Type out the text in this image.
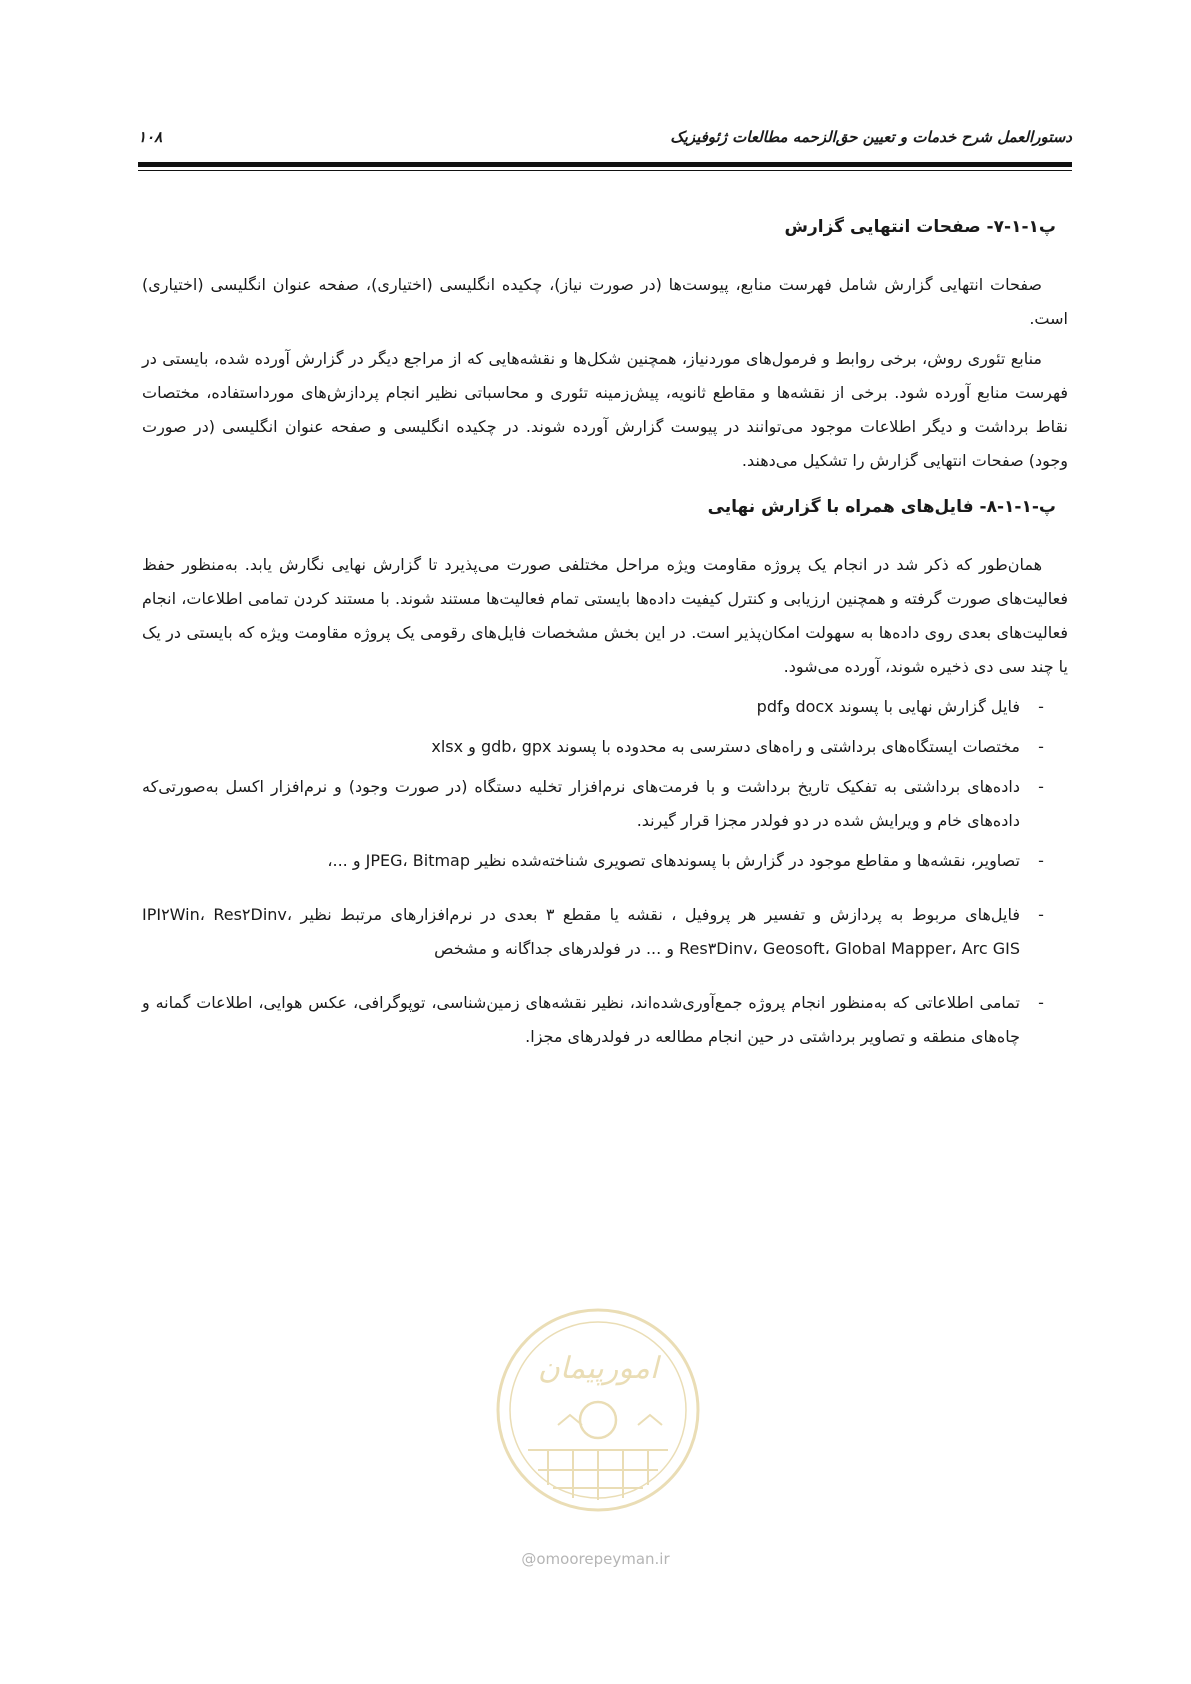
۱۰۸	دستورالعمل شرح خدمات و تعیین حق‌الزحمه مطالعات ژئوفیزیک
پ۱-۱-۷- صفحات انتهایی گزارش

صفحات انتهایی گزارش شامل فهرست منابع، پیوست‌ها (در صورت نیاز)، چکیده انگلیسی (اختیاری)، صفحه عنوان انگلیسی (اختیاری) است.

منابع تئوری روش، برخی روابط و فرمول‌های موردنیاز، همچنین شکل‌ها و نقشه‌هایی که از مراجع دیگر در گزارش آورده شده، بایستی در فهرست منابع آورده شود. برخی از نقشه‌ها و مقاطع ثانویه، پیش‌زمینه تئوری و محاسباتی نظیر انجام پردازش‌های مورداستفاده، مختصات نقاط برداشت و دیگر اطلاعات موجود می‌توانند در پیوست گزارش آورده شوند. در چکیده انگلیسی و صفحه عنوان انگلیسی (در صورت وجود) صفحات انتهایی گزارش را تشکیل می‌دهند.

پ-۱-۱-۸- فایل‌های همراه با گزارش نهایی

همان‌طور که ذکر شد در انجام یک پروژه مقاومت ویژه مراحل مختلفی صورت می‌پذیرد تا گزارش نهایی نگارش یابد. به‌منظور حفظ فعالیت‌های صورت گرفته و همچنین ارزیابی و کنترل کیفیت داده‌ها بایستی تمام فعالیت‌ها مستند شوند. با مستند کردن تمامی اطلاعات، انجام فعالیت‌های بعدی روی داده‌ها به سهولت امکان‌پذیر است. در این بخش مشخصات فایل‌های رقومی یک پروژه مقاومت ویژه که بایستی در یک یا چند سی دی ذخیره شوند، آورده می‌شود.

-
فایل گزارش نهایی با پسوند docx وpdf
-
مختصات ایستگاه‌های برداشتی و راه‌های دسترسی به محدوده با پسوند gdb، gpx و xlsx
-
داده‌های برداشتی به تفکیک تاریخ برداشت و با فرمت‌های نرم‌افزار تخلیه دستگاه (در صورت وجود) و نرم‌افزار اکسل به‌صورتی‌که داده‌های خام و ویرایش شده در دو فولدر مجزا قرار گیرند.
-
تصاویر، نقشه‌ها و مقاطع موجود در گزارش با پسوندهای تصویری شناخته‌شده نظیر JPEG، Bitmap و ...،
-
فایل‌های مربوط به پردازش و تفسیر هر پروفیل ، نقشه یا مقطع ۳ بعدی در نرم‌افزارهای مرتبط نظیر IPI۲Win، Res۲Dinv، Res۳Dinv، Geosoft، Global Mapper، Arc GIS و ... در فولدرهای جداگانه و مشخص
-
تمامی اطلاعاتی که به‌منظور انجام پروژه جمع‌آوری‌شده‌اند، نظیر نقشه‌های زمین‌شناسی، توپوگرافی، عکس هوایی، اطلاعات گمانه و چاه‌های منطقه و تصاویر برداشتی در حین انجام مطالعه در فولدرهای مجزا.
امورپیمان
@omoorepeyman.ir
